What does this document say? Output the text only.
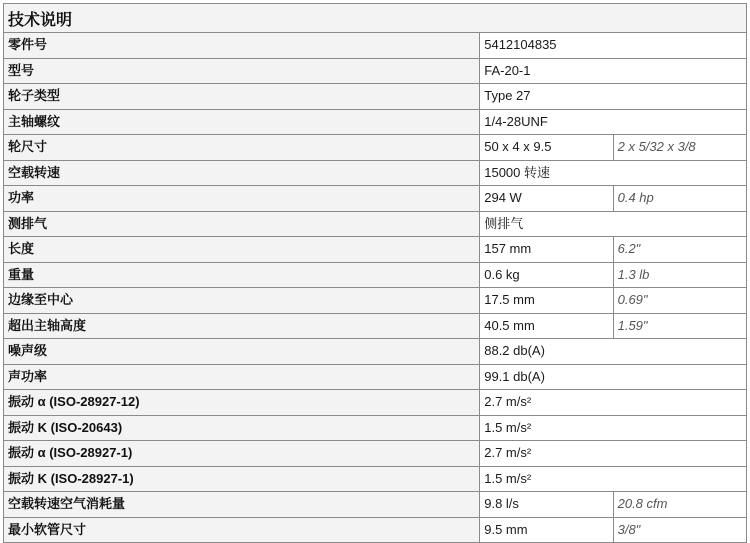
技术说明
零件号	5412104835	
型号	FA-20-1	
轮子类型	Type 27	
主轴螺纹	1/4-28UNF	
轮尺寸	50 x 4 x 9.5	2 x 5/32 x 3/8
空载转速	15000 转速	
功率	294 W	0.4 hp
测排气	侧排气	
长度	157 mm	6.2"
重量	0.6 kg	1.3 lb
边缘至中心	17.5 mm	0.69"
超出主轴高度	40.5 mm	1.59"
噪声级	88.2 db(A)	
声功率	99.1 db(A)	
振动 α (ISO-28927-12)	2.7 m/s²	
振动 K (ISO-20643)	1.5 m/s²	
振动 α (ISO-28927-1)	2.7 m/s²	
振动 K (ISO-28927-1)	1.5 m/s²	
空载转速空气消耗量	9.8 l/s	20.8 cfm
最小软管尺寸	9.5 mm	3/8"
